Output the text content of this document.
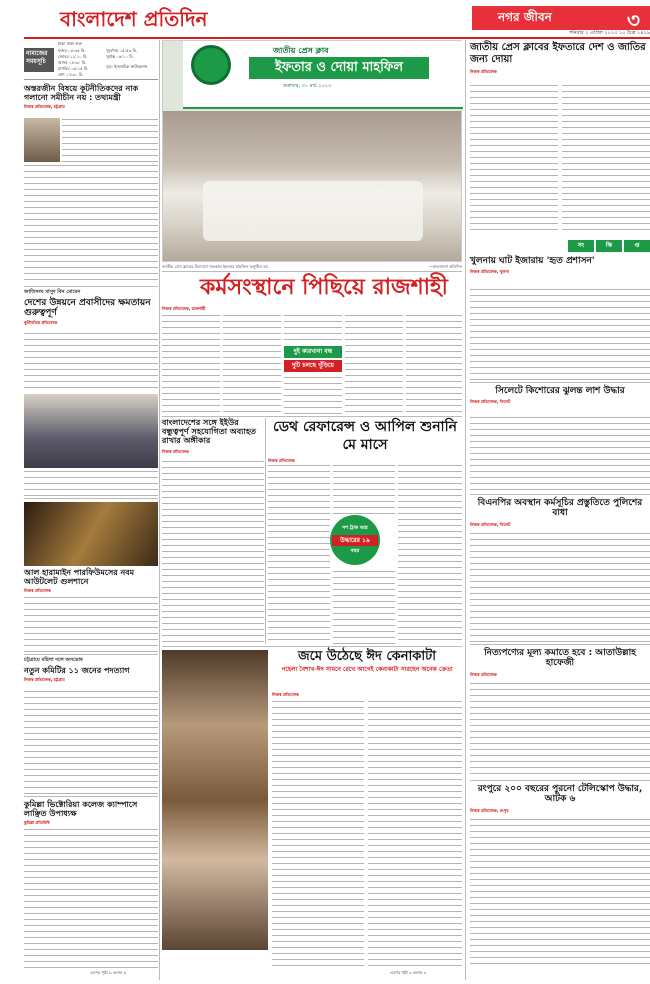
বাংলাদেশ প্রতিদিন	নগর জীবন	৩
শনিবার ১ এপ্রিল ২০২৩ ১০ চৈত্র ১৪২৯
নামাজের সময়সূচি
ঢাকা ঢাকা শুরু
ফজর ০৪:৩৫ মি.
জোহর ১২:১০ মি.
আসর ০৪:৩০ মি.
মাগরিব ০৬:১৫ মি.
এশা ০৭:৩০ মি.
সূর্যোদয় ০৫:৫৩ মি.
সূর্যাস্ত ০৬:১০ মি.
সূত্র: ইসলামিক ফাউন্ডেশন
জাতীয় প্রেস ক্লাব
ইফতার ও দোয়া মাহফিল
শুক্রবার, ৩১ মার্চ ২০২৩
জাতীয় প্রেস ক্লাবের উদ্যোগে গতকাল ইফতার মাহফিল অনুষ্ঠিত হয়	—বাংলাদেশ প্রতিদিন
অস্তরজীন বিষয়ে কূটনীতিকদের নাক গলানো সমীচীন নয় : তথ্যমন্ত্রী
নিজস্ব প্রতিবেদক, চট্টগ্রাম
জাতিসংঘ মাসুদ বিন মোমেন
দেশের উন্নয়নে প্রবাসীদের ক্ষমতায়ন গুরুত্বপূর্ণ
কূটনৈতিক প্রতিবেদক
আল হারামাইন পারফিউমসের নবম আউটলেট গুলশানে
নিজস্ব প্রতিবেদক
চট্টগ্রামে মহিলা দলে অসন্তোষ
নতুন কমিটির ১১ জনের পদত্যাগ
নিজস্ব প্রতিবেদক, চট্টগ্রাম
কুমিল্লা ভিক্টোরিয়া কলেজ ক্যাম্পাসে লাঞ্ছিত উপাধ্যক্ষ
কুমিল্লা প্রতিনিধি
এরপর পৃষ্ঠা ৯ কলাম ৬
কর্মসংস্থানে পিছিয়ে রাজশাহী
নিজস্ব প্রতিবেদক, রাজশাহী
দুই কারখানা বন্ধ
দুটি চলছে খুঁড়িয়ে
বাংলাদেশের সঙ্গে ইইউর বন্ধুত্বপূর্ণ সহযোগিতা অব্যাহত রাখার অঙ্গীকার
নিজস্ব প্রতিবেদক
ডেথ রেফারেন্স ও আপিল শুনানি মে মাসে
নিজস্ব প্রতিবেদক
দশ ট্রাক অস্ত্র
উদ্ধারের ১৯
বছর
জমে উঠেছে ঈদ কেনাকাটা
পহেলা বৈশাখ-ঈদ সামনে রেখে আগেই কেনাকাটা সারছেন অনেক ক্রেতা
নিজস্ব প্রতিবেদক
এরপর পৃষ্ঠা ৯ কলাম ৩
জাতীয় প্রেস ক্লাবের ইফতারে দেশ ও জাতির জন্য দোয়া
নিজস্ব প্রতিবেদক
সং	ক্ষি	প্ত
খুলনায় ঘাট ইজারায় 'হৃত প্রশাসন'
নিজস্ব প্রতিবেদক, খুলনা
সিলেটে কিশোরের ঝুলন্ত লাশ উদ্ধার
নিজস্ব প্রতিবেদক, সিলেট
বিএনপির অবস্থান কর্মসূচির প্রস্তুতিতে পুলিশের বাধা
নিজস্ব প্রতিবেদক, সিলেট
নিত্যপণ্যের মূল্য কমাতে হবে : আতাউল্লাহ হাফেজী
নিজস্ব প্রতিবেদক
রংপুরে ২০০ বছরের পুরনো টেলিস্কোপ উদ্ধার, আটক ৬
নিজস্ব প্রতিবেদক, রংপুর
